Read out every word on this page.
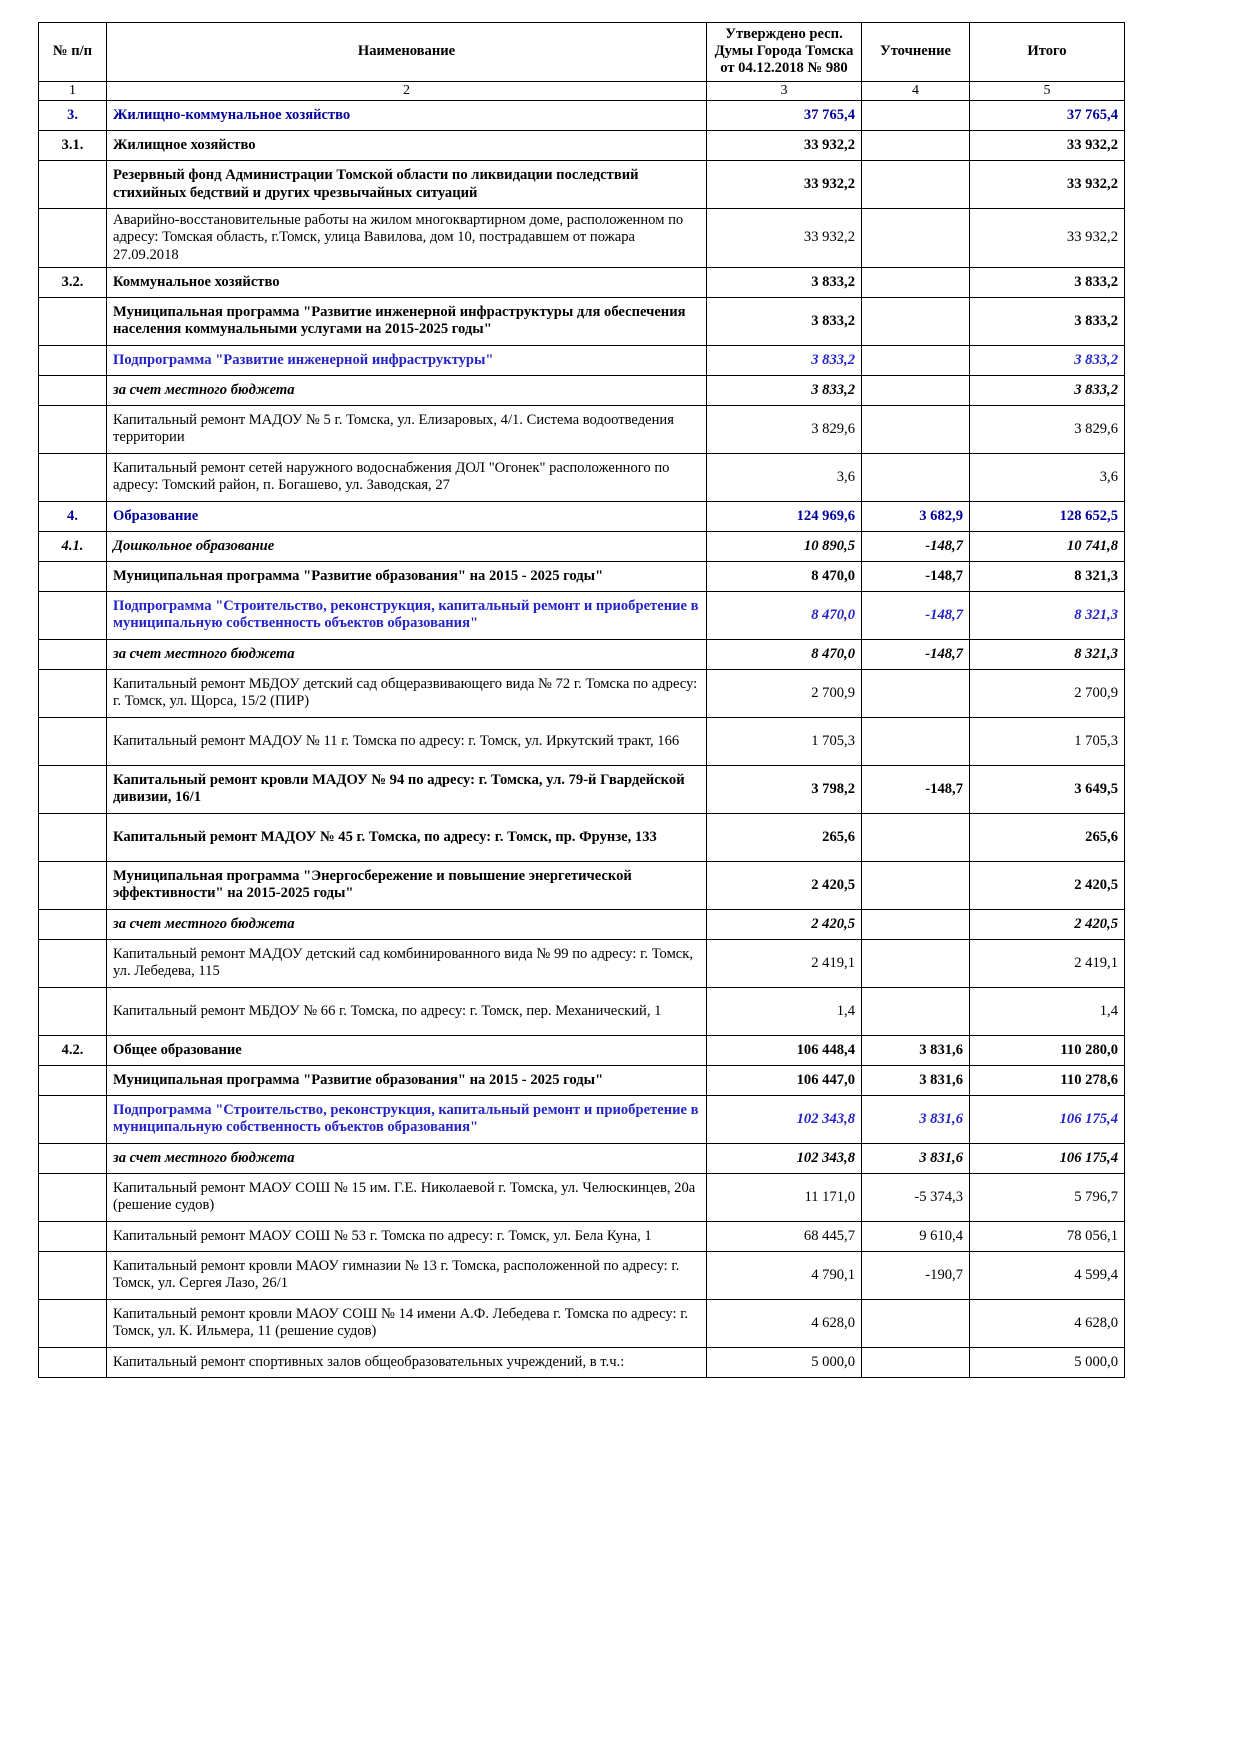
№ п/п	Наименование	Утверждено респ. Думы Города Томска от 04.12.2018 № 980	Уточнение	Итого
1	2	3	4	5
3.	Жилищно-коммунальное хозяйство	37 765,4		37 765,4
3.1.	Жилищное хозяйство	33 932,2		33 932,2
	Резервный фонд Администрации Томской области по ликвидации последствий стихийных бедствий и других чрезвычайных ситуаций	33 932,2		33 932,2
	Аварийно-восстановительные работы на жилом многоквартирном доме, расположенном по адресу: Томская область, г.Томск, улица Вавилова, дом 10, пострадавшем от пожара 27.09.2018	33 932,2		33 932,2
3.2.	Коммунальное хозяйство	3 833,2		3 833,2
	Муниципальная программа "Развитие инженерной инфраструктуры для обеспечения населения коммунальными услугами на 2015-2025 годы"	3 833,2		3 833,2
	Подпрограмма "Развитие инженерной инфраструктуры"	3 833,2		3 833,2
	за счет местного бюджета	3 833,2		3 833,2
	Капитальный ремонт МАДОУ № 5 г. Томска, ул. Елизаровых, 4/1. Система водоотведения территории	3 829,6		3 829,6
	Капитальный ремонт сетей наружного водоснабжения ДОЛ "Огонек" расположенного по адресу: Томский район, п. Богашево, ул. Заводская, 27	3,6		3,6
4.	Образование	124 969,6	3 682,9	128 652,5
4.1.	Дошкольное образование	10 890,5	-148,7	10 741,8
	Муниципальная программа "Развитие образования" на 2015 - 2025 годы"	8 470,0	-148,7	8 321,3
	Подпрограмма "Строительство, реконструкция, капитальный ремонт и приобретение в муниципальную собственность объектов образования"	8 470,0	-148,7	8 321,3
	за счет местного бюджета	8 470,0	-148,7	8 321,3
	Капитальный ремонт МБДОУ детский сад общеразвивающего вида № 72 г. Томска по адресу: г. Томск, ул. Щорса, 15/2 (ПИР)	2 700,9		2 700,9
	Капитальный ремонт МАДОУ № 11 г. Томска по адресу: г. Томск, ул. Иркутский тракт, 166	1 705,3		1 705,3
	Капитальный ремонт кровли МАДОУ № 94 по адресу: г. Томска, ул. 79-й Гвардейской дивизии, 16/1	3 798,2	-148,7	3 649,5
	Капитальный ремонт МАДОУ № 45 г. Томска, по адресу: г. Томск, пр. Фрунзе, 133	265,6		265,6
	Муниципальная программа "Энергосбережение и повышение энергетической эффективности" на 2015-2025 годы"	2 420,5		2 420,5
	за счет местного бюджета	2 420,5		2 420,5
	Капитальный ремонт МАДОУ детский сад комбинированного вида № 99 по адресу: г. Томск, ул. Лебедева, 115	2 419,1		2 419,1
	Капитальный ремонт МБДОУ № 66 г. Томска, по адресу: г. Томск, пер. Механический, 1	1,4		1,4
4.2.	Общее образование	106 448,4	3 831,6	110 280,0
	Муниципальная программа "Развитие образования" на 2015 - 2025 годы"	106 447,0	3 831,6	110 278,6
	Подпрограмма "Строительство, реконструкция, капитальный ремонт и приобретение в муниципальную собственность объектов образования"	102 343,8	3 831,6	106 175,4
	за счет местного бюджета	102 343,8	3 831,6	106 175,4
	Капитальный ремонт МАОУ СОШ № 15 им. Г.Е. Николаевой г. Томска, ул. Челюскинцев, 20а (решение судов)	11 171,0	-5 374,3	5 796,7
	Капитальный ремонт МАОУ СОШ № 53 г. Томска по адресу: г. Томск, ул. Бела Куна, 1	68 445,7	9 610,4	78 056,1
	Капитальный ремонт кровли МАОУ гимназии № 13 г. Томска, расположенной по адресу: г. Томск, ул. Сергея Лазо, 26/1	4 790,1	-190,7	4 599,4
	Капитальный ремонт кровли МАОУ СОШ № 14 имени А.Ф. Лебедева г. Томска по адресу: г. Томск, ул. К. Ильмера, 11 (решение судов)	4 628,0		4 628,0
	Капитальный ремонт спортивных залов общеобразовательных учреждений, в т.ч.:	5 000,0		5 000,0
